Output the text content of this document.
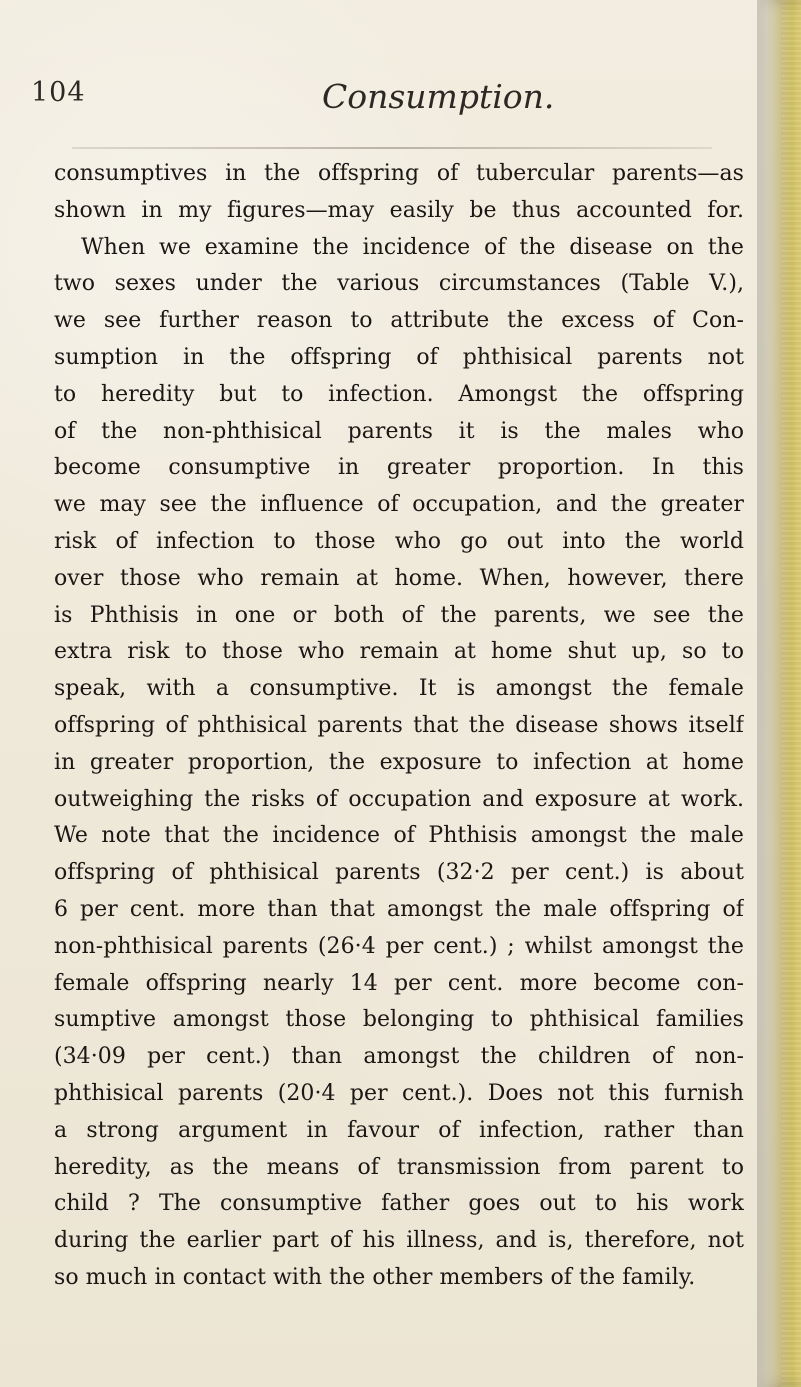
104	Consumption.
consumptives in the offspring of tubercular parents—as
shown in my figures—may easily be thus accounted for.
When we examine the incidence of the disease on the
two sexes under the various circumstances (Table V.),
we see further reason to attribute the excess of Con-
sumption in the offspring of phthisical parents not
to heredity but to infection. Amongst the offspring
of the non-phthisical parents it is the males who
become consumptive in greater proportion. In this
we may see the influence of occupation, and the greater
risk of infection to those who go out into the world
over those who remain at home. When, however, there
is Phthisis in one or both of the parents, we see the
extra risk to those who remain at home shut up, so to
speak, with a consumptive. It is amongst the female
offspring of phthisical parents that the disease shows itself
in greater proportion, the exposure to infection at home
outweighing the risks of occupation and exposure at work.
We note that the incidence of Phthisis amongst the male
offspring of phthisical parents (32·2 per cent.) is about
6 per cent. more than that amongst the male offspring of
non-phthisical parents (26·4 per cent.) ; whilst amongst the
female offspring nearly 14 per cent. more become con-
sumptive amongst those belonging to phthisical families
(34·09 per cent.) than amongst the children of non-
phthisical parents (20·4 per cent.). Does not this furnish
a strong argument in favour of infection, rather than
heredity, as the means of transmission from parent to
child ? The consumptive father goes out to his work
during the earlier part of his illness, and is, therefore, not
so much in contact with the other members of the family.
